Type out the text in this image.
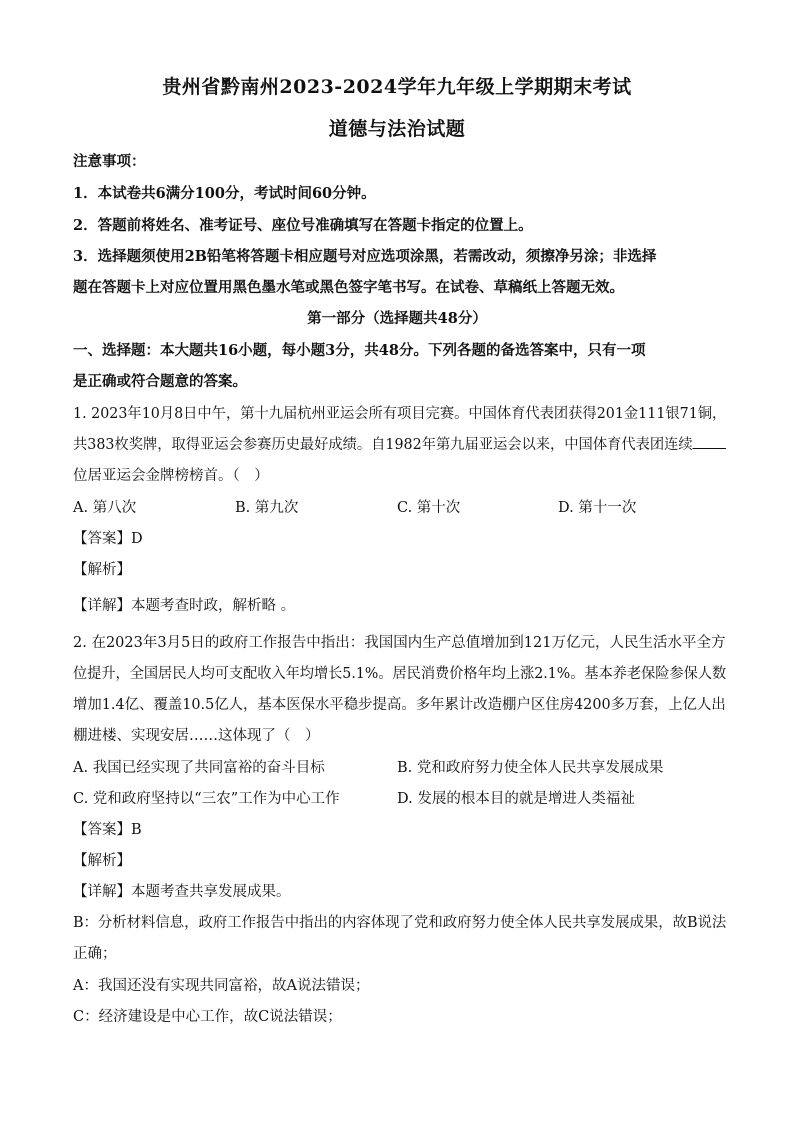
贵州省黔南州2023-2024学年九年级上学期期末考试
道德与法治试题
注意事项：
1．本试卷共6满分100分，考试时间60分钟。
2．答题前将姓名、准考证号、座位号准确填写在答题卡指定的位置上。
3．选择题须使用2B铅笔将答题卡相应题号对应选项涂黑，若需改动，须擦净另涂；非选择
题在答题卡上对应位置用黑色墨水笔或黑色签字笔书写。在试卷、草稿纸上答题无效。
第一部分（选择题共48分）
一、选择题：本大题共16小题，每小题3分，共48分。下列各题的备选答案中，只有一项
是正确或符合题意的答案。
1. 2023年10月8日中午，第十九届杭州亚运会所有项目完赛。中国体育代表团获得201金111银71铜，
共383枚奖牌，取得亚运会参赛历史最好成绩。自1982年第九届亚运会以来，中国体育代表团连续
位居亚运会金牌榜榜首。（　）
A. 第八次	B. 第九次	C. 第十次	D. 第十一次
【答案】D
【解析】
【详解】本题考查时政，解析略 。
2. 在2023年3月5日的政府工作报告中指出：我国国内生产总值增加到121万亿元，人民生活水平全方
位提升，全国居民人均可支配收入年均增长5.1%。居民消费价格年均上涨2.1%。基本养老保险参保人数
增加1.4亿、覆盖10.5亿人，基本医保水平稳步提高。多年累计改造棚户区住房4200多万套，上亿人出
棚进楼、实现安居……这体现了（　）
A. 我国已经实现了共同富裕的奋斗目标	B. 党和政府努力使全体人民共享发展成果
C. 党和政府坚持以“三农”工作为中心工作	D. 发展的根本目的就是增进人类福祉
【答案】B
【解析】
【详解】本题考查共享发展成果。
B：分析材料信息，政府工作报告中指出的内容体现了党和政府努力使全体人民共享发展成果，故B说法
正确；
A：我国还没有实现共同富裕，故A说法错误；
C：经济建设是中心工作，故C说法错误；
